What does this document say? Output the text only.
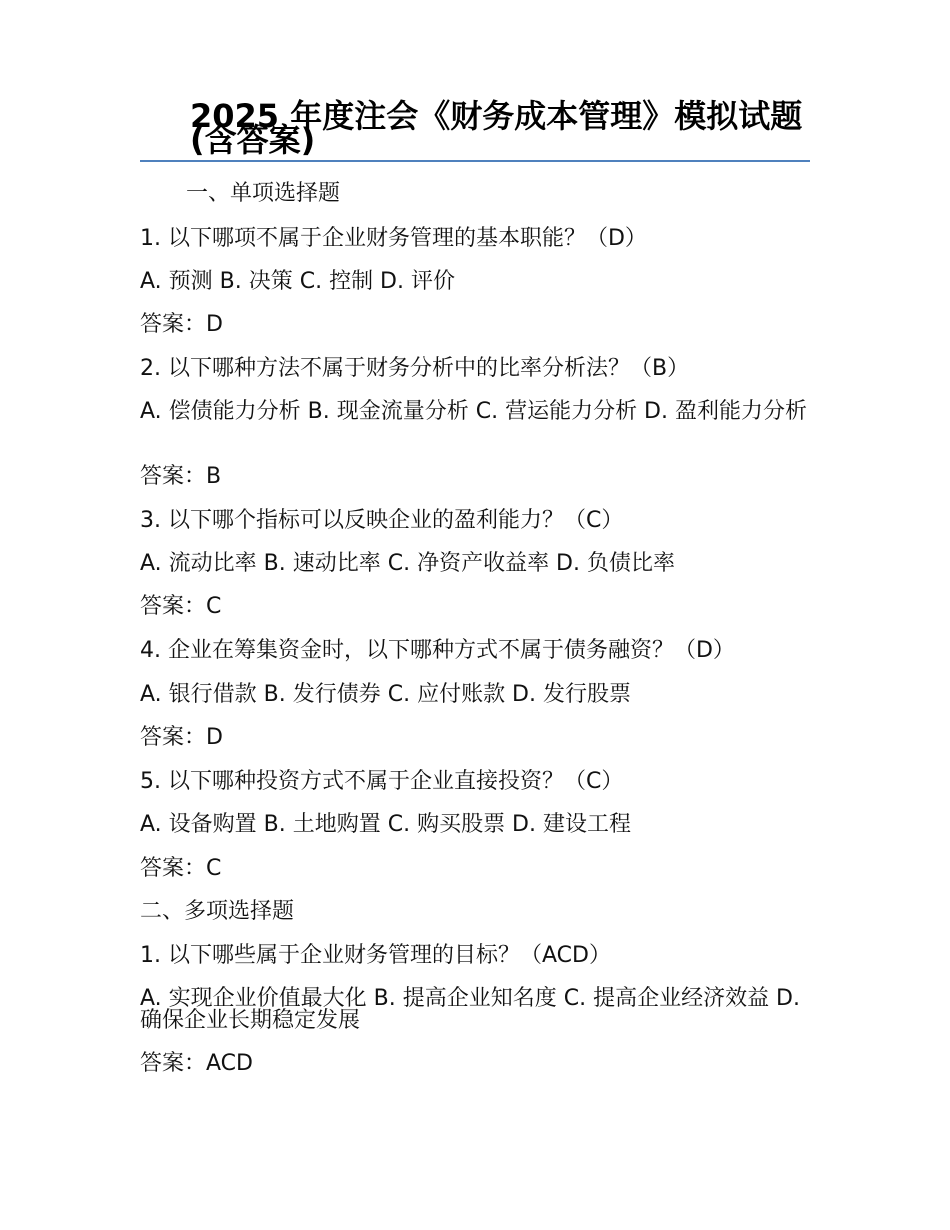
2025 年度注会《财务成本管理》模拟试题(含答案)
一、单项选择题
1. 以下哪项不属于企业财务管理的基本职能？（D）
A. 预测 B. 决策 C. 控制 D. 评价
答案：D
2. 以下哪种方法不属于财务分析中的比率分析法？（B）
A. 偿债能力分析 B. 现金流量分析 C. 营运能力分析 D. 盈利能力分析
答案：B
3. 以下哪个指标可以反映企业的盈利能力？（C）
A. 流动比率 B. 速动比率 C. 净资产收益率 D. 负债比率
答案：C
4. 企业在筹集资金时，以下哪种方式不属于债务融资？（D）
A. 银行借款 B. 发行债券 C. 应付账款 D. 发行股票
答案：D
5. 以下哪种投资方式不属于企业直接投资？（C）
A. 设备购置 B. 土地购置 C. 购买股票 D. 建设工程
答案：C
二、多项选择题
1. 以下哪些属于企业财务管理的目标？（ACD）
A. 实现企业价值最大化 B. 提高企业知名度 C. 提高企业经济效益 D. 确保企业长期稳定发展
答案：ACD
